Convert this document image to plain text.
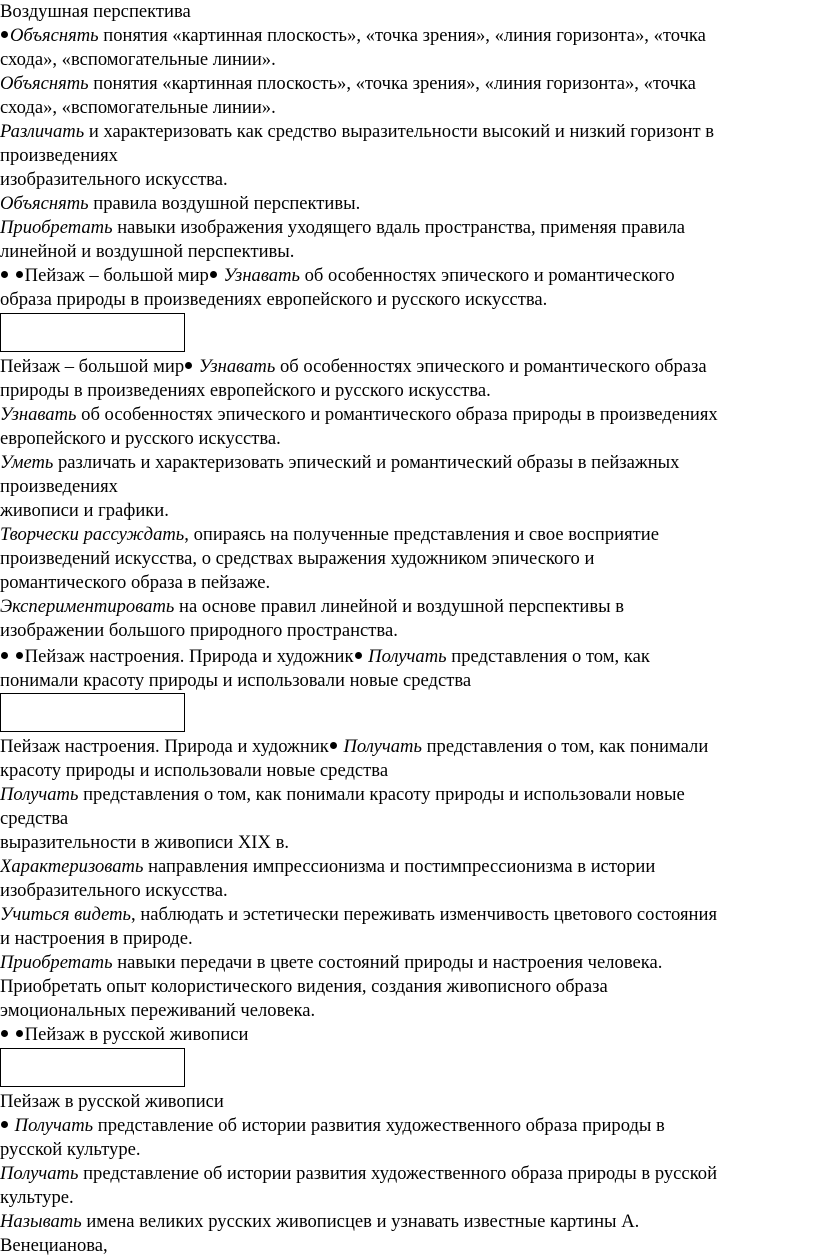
Воздушная перспектива
Объяснять понятия «картинная плоскость», «точка зрения», «линия горизонта», «точка
схода», «вспомогательные линии».
Объяснять понятия «картинная плоскость», «точка зрения», «линия горизонта», «точка
схода», «вспомогательные линии».
Различать и характеризовать как средство выразительности высокий и низкий горизонт в
произведениях
изобразительного искусства.
Объяснять правила воздушной перспективы.
Приобретать навыки изображения уходящего вдаль пространства, применяя правила
линейной и воздушной перспективы.
Пейзаж – большой мир Узнавать об особенностях эпического и романтического
образа природы в произведениях европейского и русского искусства.
Пейзаж – большой мир Узнавать об особенностях эпического и романтического образа
природы в произведениях европейского и русского искусства.
Узнавать об особенностях эпического и романтического образа природы в произведениях
европейского и русского искусства.
Уметь различать и характеризовать эпический и романтический образы в пейзажных
произведениях
живописи и графики.
Творчески рассуждать, опираясь на полученные представления и свое восприятие
произведений искусства, о средствах выражения художником эпического и
романтического образа в пейзаже.
Экспериментировать на основе правил линейной и воздушной перспективы в
изображении большого природного пространства.
Пейзаж настроения. Природа и художник Получать представления о том, как
понимали красоту природы и использовали новые средства
Пейзаж настроения. Природа и художник Получать представления о том, как понимали
красоту природы и использовали новые средства
Получать представления о том, как понимали красоту природы и использовали новые
средства
выразительности в живописи XIX в.
Характеризовать направления импрессионизма и постимпрессионизма в истории
изобразительного искусства.
Учиться видеть, наблюдать и эстетически переживать изменчивость цветового состояния
и настроения в природе.
Приобретать навыки передачи в цвете состояний природы и настроения человека.
Приобретать опыт колористического видения, создания живописного образа
эмоциональных переживаний человека.
Пейзаж в русской живописи
Пейзаж в русской живописи
Получать представление об истории развития художественного образа природы в
русской культуре.
Получать представление об истории развития художественного образа природы в русской
культуре.
Называть имена великих русских живописцев и узнавать известные картины А.
Венецианова,
